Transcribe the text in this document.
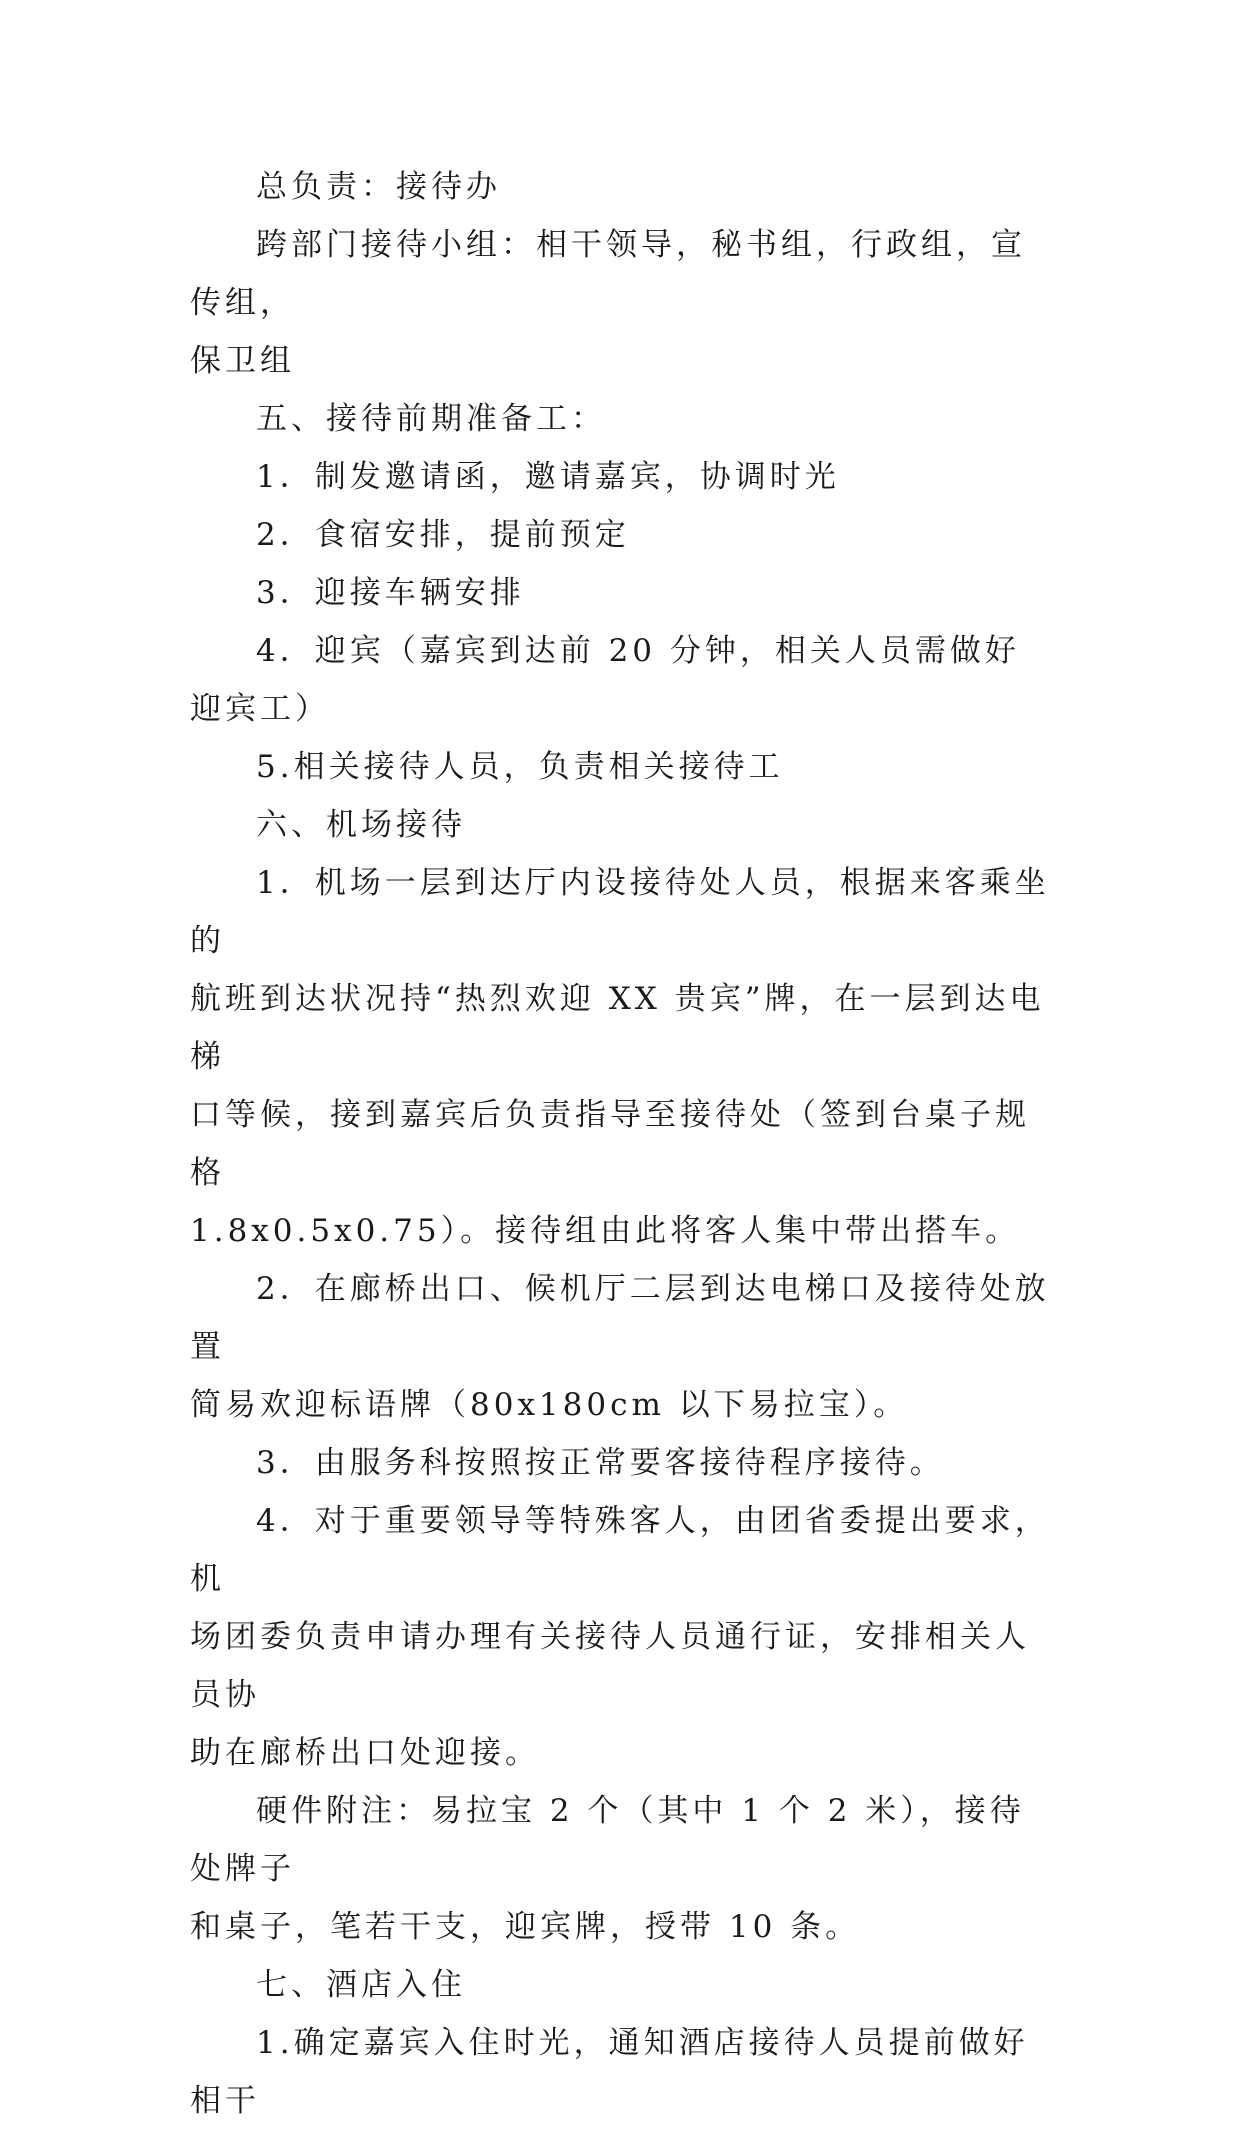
总负责：接待办

跨部门接待小组：相干领导，秘书组，行政组，宣传组，
保卫组

五、接待前期准备工：

1．制发邀请函，邀请嘉宾，协调时光

2．食宿安排，提前预定

3．迎接车辆安排

4．迎宾（嘉宾到达前 20 分钟，相关人员需做好迎宾工）

5.相关接待人员，负责相关接待工

六、机场接待

1．机场一层到达厅内设接待处人员，根据来客乘坐的
航班到达状况持“热烈欢迎 XX 贵宾”牌，在一层到达电梯
口等候，接到嘉宾后负责指导至接待处（签到台桌子规格
1.8x0.5x0.75）。接待组由此将客人集中带出搭车。

2．在廊桥出口、候机厅二层到达电梯口及接待处放置
简易欢迎标语牌（80x180cm 以下易拉宝）。

3．由服务科按照按正常要客接待程序接待。

4．对于重要领导等特殊客人，由团省委提出要求，机
场团委负责申请办理有关接待人员通行证，安排相关人员协
助在廊桥出口处迎接。

硬件附注：易拉宝 2 个（其中 1 个 2 米），接待处牌子
和桌子，笔若干支，迎宾牌，授带 10 条。

七、酒店入住

1.确定嘉宾入住时光，通知酒店接待人员提前做好相干
